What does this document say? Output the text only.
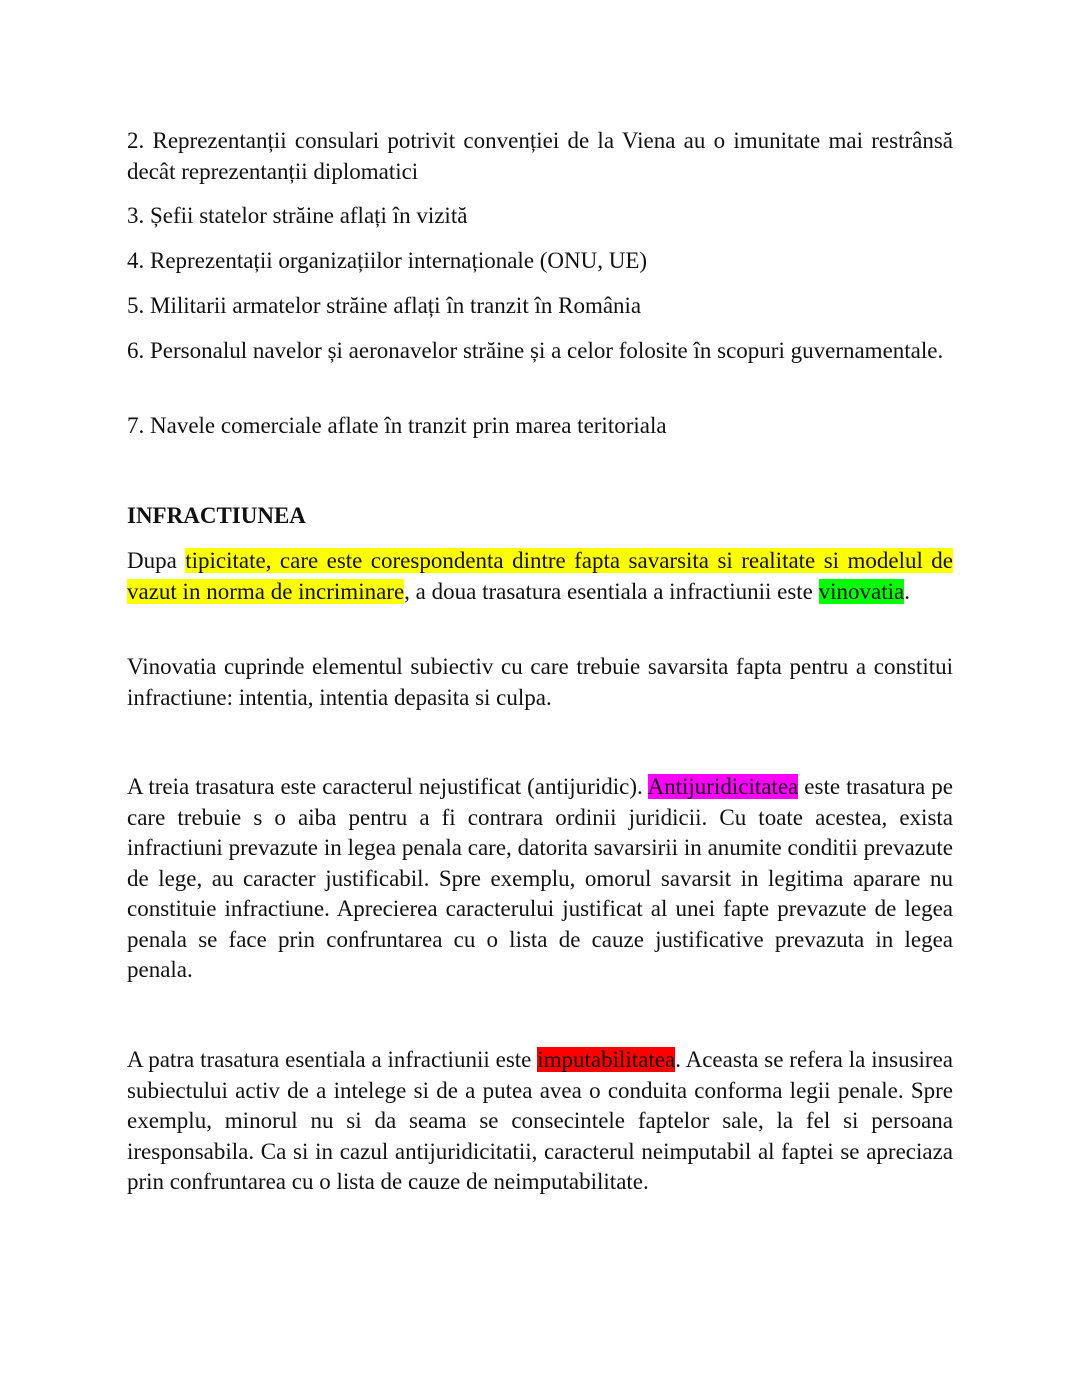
2. Reprezentanții consulari potrivit convenției de la Viena au o imunitate mai restrânsă decât reprezentanții diplomatici

3. Șefii statelor străine aflați în vizită

4. Reprezentații organizațiilor internaționale (ONU, UE)

5. Militarii armatelor străine aflați în tranzit în România

6. Personalul navelor și aeronavelor străine și a celor folosite în scopuri guvernamentale.

7. Navele comerciale aflate în tranzit prin marea teritoriala

INFRACTIUNEA

Dupa tipicitate, care este corespondenta dintre fapta savarsita si realitate si modelul de vazut in norma de incriminare, a doua trasatura esentiala a infractiunii este vinovatia.

Vinovatia cuprinde elementul subiectiv cu care trebuie savarsita fapta pentru a constitui infractiune: intentia, intentia depasita si culpa.

A treia trasatura este caracterul nejustificat (antijuridic). Antijuridicitatea este trasatura pe care trebuie s o aiba pentru a fi contrara ordinii juridicii. Cu toate acestea, exista infractiuni prevazute in legea penala care, datorita savarsirii in anumite conditii prevazute de lege, au caracter justificabil. Spre exemplu, omorul savarsit in legitima aparare nu constituie infractiune. Aprecierea caracterului justificat al unei fapte prevazute de legea penala se face prin confruntarea cu o lista de cauze justificative prevazuta in legea penala.

A patra trasatura esentiala a infractiunii este imputabilitatea. Aceasta se refera la insusirea subiectului activ de a intelege si de a putea avea o conduita conforma legii penale. Spre exemplu, minorul nu si da seama se consecintele faptelor sale, la fel si persoana iresponsabila. Ca si in cazul antijuridicitatii, caracterul neimputabil al faptei se apreciaza prin confruntarea cu o lista de cauze de neimputabilitate.
